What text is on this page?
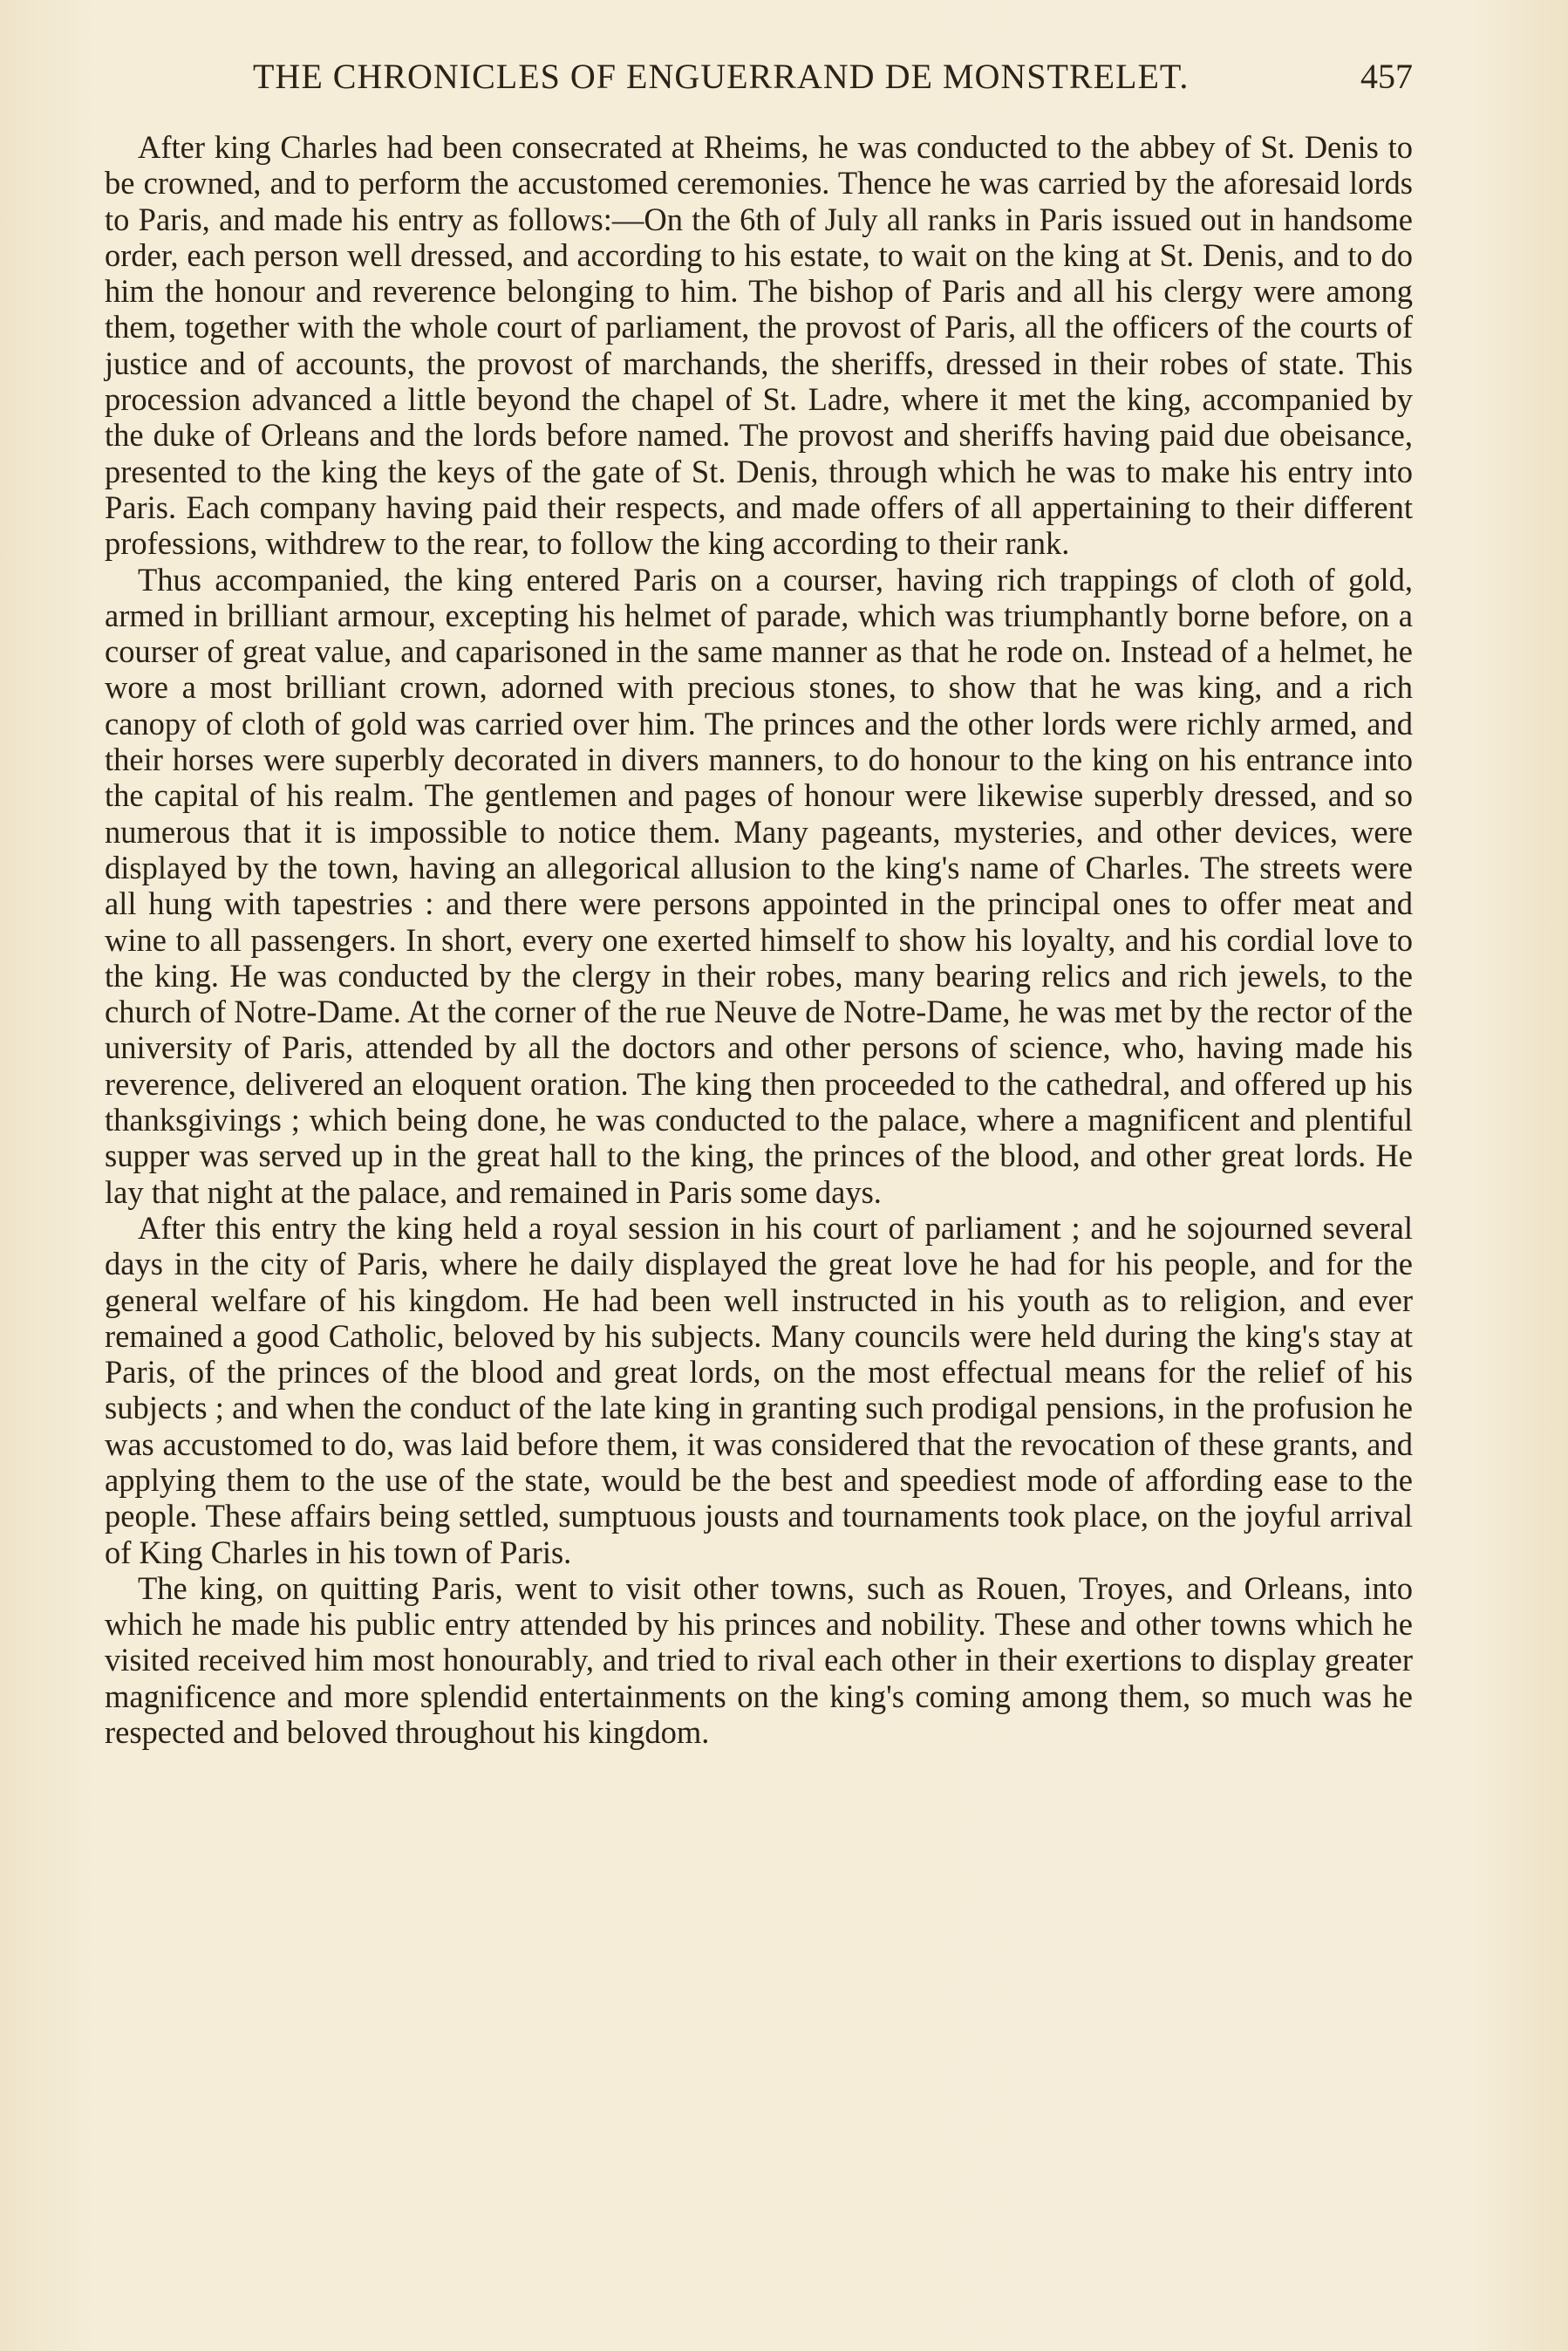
THE CHRONICLES OF ENGUERRAND DE MONSTRELET.	457

After king Charles had been consecrated at Rheims, he was conducted to the abbey of St. Denis to be crowned, and to perform the accustomed ceremonies. Thence he was carried by the aforesaid lords to Paris, and made his entry as follows:—On the 6th of July all ranks in Paris issued out in handsome order, each person well dressed, and according to his estate, to wait on the king at St. Denis, and to do him the honour and reverence belonging to him. The bishop of Paris and all his clergy were among them, together with the whole court of parliament, the provost of Paris, all the officers of the courts of justice and of accounts, the provost of marchands, the sheriffs, dressed in their robes of state. This procession advanced a little beyond the chapel of St. Ladre, where it met the king, accompanied by the duke of Orleans and the lords before named. The provost and sheriffs having paid due obeisance, presented to the king the keys of the gate of St. Denis, through which he was to make his entry into Paris. Each company having paid their respects, and made offers of all appertaining to their different professions, withdrew to the rear, to follow the king according to their rank.

Thus accompanied, the king entered Paris on a courser, having rich trappings of cloth of gold, armed in brilliant armour, excepting his helmet of parade, which was triumphantly borne before, on a courser of great value, and caparisoned in the same manner as that he rode on. Instead of a helmet, he wore a most brilliant crown, adorned with precious stones, to show that he was king, and a rich canopy of cloth of gold was carried over him. The princes and the other lords were richly armed, and their horses were superbly decorated in divers manners, to do honour to the king on his entrance into the capital of his realm. The gentlemen and pages of honour were likewise superbly dressed, and so numerous that it is impossible to notice them. Many pageants, mysteries, and other devices, were displayed by the town, having an allegorical allusion to the king's name of Charles. The streets were all hung with tapestries : and there were persons appointed in the principal ones to offer meat and wine to all passengers. In short, every one exerted himself to show his loyalty, and his cordial love to the king. He was conducted by the clergy in their robes, many bearing relics and rich jewels, to the church of Notre-Dame. At the corner of the rue Neuve de Notre-Dame, he was met by the rector of the university of Paris, attended by all the doctors and other persons of science, who, having made his reverence, delivered an eloquent oration. The king then proceeded to the cathedral, and offered up his thanksgivings ; which being done, he was conducted to the palace, where a magnificent and plentiful supper was served up in the great hall to the king, the princes of the blood, and other great lords. He lay that night at the palace, and remained in Paris some days.

After this entry the king held a royal session in his court of parliament ; and he sojourned several days in the city of Paris, where he daily displayed the great love he had for his people, and for the general welfare of his kingdom. He had been well instructed in his youth as to religion, and ever remained a good Catholic, beloved by his subjects. Many councils were held during the king's stay at Paris, of the princes of the blood and great lords, on the most effectual means for the relief of his subjects ; and when the conduct of the late king in granting such prodigal pensions, in the profusion he was accustomed to do, was laid before them, it was considered that the revocation of these grants, and applying them to the use of the state, would be the best and speediest mode of affording ease to the people. These affairs being settled, sumptuous jousts and tournaments took place, on the joyful arrival of King Charles in his town of Paris.

The king, on quitting Paris, went to visit other towns, such as Rouen, Troyes, and Orleans, into which he made his public entry attended by his princes and nobility. These and other towns which he visited received him most honourably, and tried to rival each other in their exertions to display greater magnificence and more splendid entertainments on the king's coming among them, so much was he respected and beloved throughout his kingdom.
